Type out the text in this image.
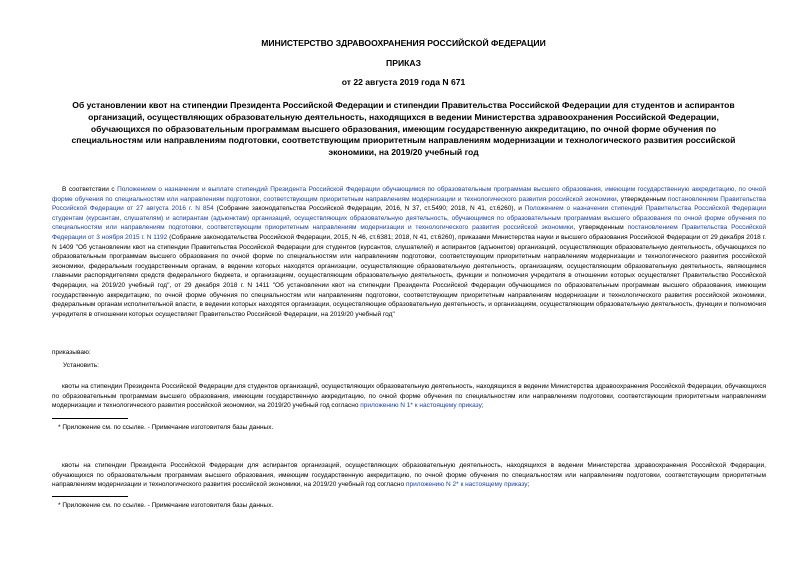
МИНИСТЕРСТВО ЗДРАВООХРАНЕНИЯ РОССИЙСКОЙ ФЕДЕРАЦИИ
ПРИКАЗ
от 22 августа 2019 года N 671
Об установлении квот на стипендии Президента Российской Федерации и стипендии Правительства Российской Федерации для студентов и аспирантов организаций, осуществляющих образовательную деятельность, находящихся в ведении Министерства здравоохранения Российской Федерации, обучающихся по образовательным программам высшего образования, имеющим государственную аккредитацию, по очной форме обучения по специальностям или направлениям подготовки, соответствующим приоритетным направлениям модернизации и технологического развития российской экономики, на 2019/20 учебный год
В соответствии с Положением о назначении и выплате стипендий Президента Российской Федерации обучающимся по образовательным программам высшего образования, имеющим государственную аккредитацию, по очной форме обучения по специальностям или направлениям подготовки, соответствующим приоритетным направлениям модернизации и технологического развития российской экономики, утвержденным постановлением Правительства Российской Федерации от 27 августа 2016 г. N 854 (Собрание законодательства Российской Федерации, 2016, N 37, ст.5490; 2018, N 41, ст.6260), и Положением о назначении стипендий Правительства Российской Федерации студентам (курсантам, слушателям) и аспирантам (адъюнктам) организаций, осуществляющих образовательную деятельность, обучающимся по образовательным программам высшего образования по очной форме обучения по специальностям или направлениям подготовки, соответствующим приоритетным направлениям модернизации и технологического развития российской экономики, утвержденным постановлением Правительства Российской Федерации от 3 ноября 2015 г. N 1192 (Собрание законодательства Российской Федерации, 2015, N 46, ст.6381; 2018, N 41, ст.6260), приказами Министерства науки и высшего образования Российской Федерации от 29 декабря 2018 г. N 1409 "Об установлении квот на стипендии Правительства Российской Федерации для студентов (курсантов, слушателей) и аспирантов (адъюнктов) организаций, осуществляющих образовательную деятельность, обучающихся по образовательным программам высшего образования по очной форме по специальностям или направлениям подготовки, соответствующим приоритетным направлениям модернизации и технологического развития российской экономики, федеральным государственным органам, в ведении которых находятся организации, осуществляющие образовательную деятельность, организациям, осуществляющим образовательную деятельность, являющимся главными распорядителями средств федерального бюджета, и организациям, осуществляющим образовательную деятельность, функции и полномочия учредителя в отношении которых осуществляет Правительство Российской Федерации, на 2019/20 учебный год", от 29 декабря 2018 г. N 1411 "Об установлении квот на стипендии Президента Российской Федерации обучающимся по образовательным программам высшего образования, имеющим государственную аккредитацию, по очной форме обучения по специальностям или направлениям подготовки, соответствующим приоритетным направлениям модернизации и технологического развития российской экономики, федеральным органам исполнительной власти, в ведении которых находятся организации, осуществляющие образовательную деятельность, и организациям, осуществляющим образовательную деятельность, функции и полномочия учредителя в отношении которых осуществляет Правительство Российской Федерации, на 2019/20 учебный год"
приказываю:
Установить:
квоты на стипендии Президента Российской Федерации для студентов организаций, осуществляющих образовательную деятельность, находящихся в ведении Министерства здравоохранения Российской Федерации, обучающихся по образовательным программам высшего образования, имеющим государственную аккредитацию, по очной форме обучения по специальностям или направлениям подготовки, соответствующим приоритетным направлениям модернизации и технологического развития российской экономики, на 2019/20 учебный год согласно приложению N 1* к настоящему приказу;
* Приложение см. по ссылке. - Примечание изготовителя базы данных.
квоты на стипендии Президента Российской Федерации для аспирантов организаций, осуществляющих образовательную деятельность, находящихся в ведении Министерства здравоохранения Российской Федерации, обучающихся по образовательным программам высшего образования, имеющим государственную аккредитацию, по очной форме обучения по специальностям или направлениям подготовки, соответствующим приоритетным направлениям модернизации и технологического развития российской экономики, на 2019/20 учебный год согласно приложению N 2* к настоящему приказу;
* Приложение см. по ссылке. - Примечание изготовителя базы данных.
